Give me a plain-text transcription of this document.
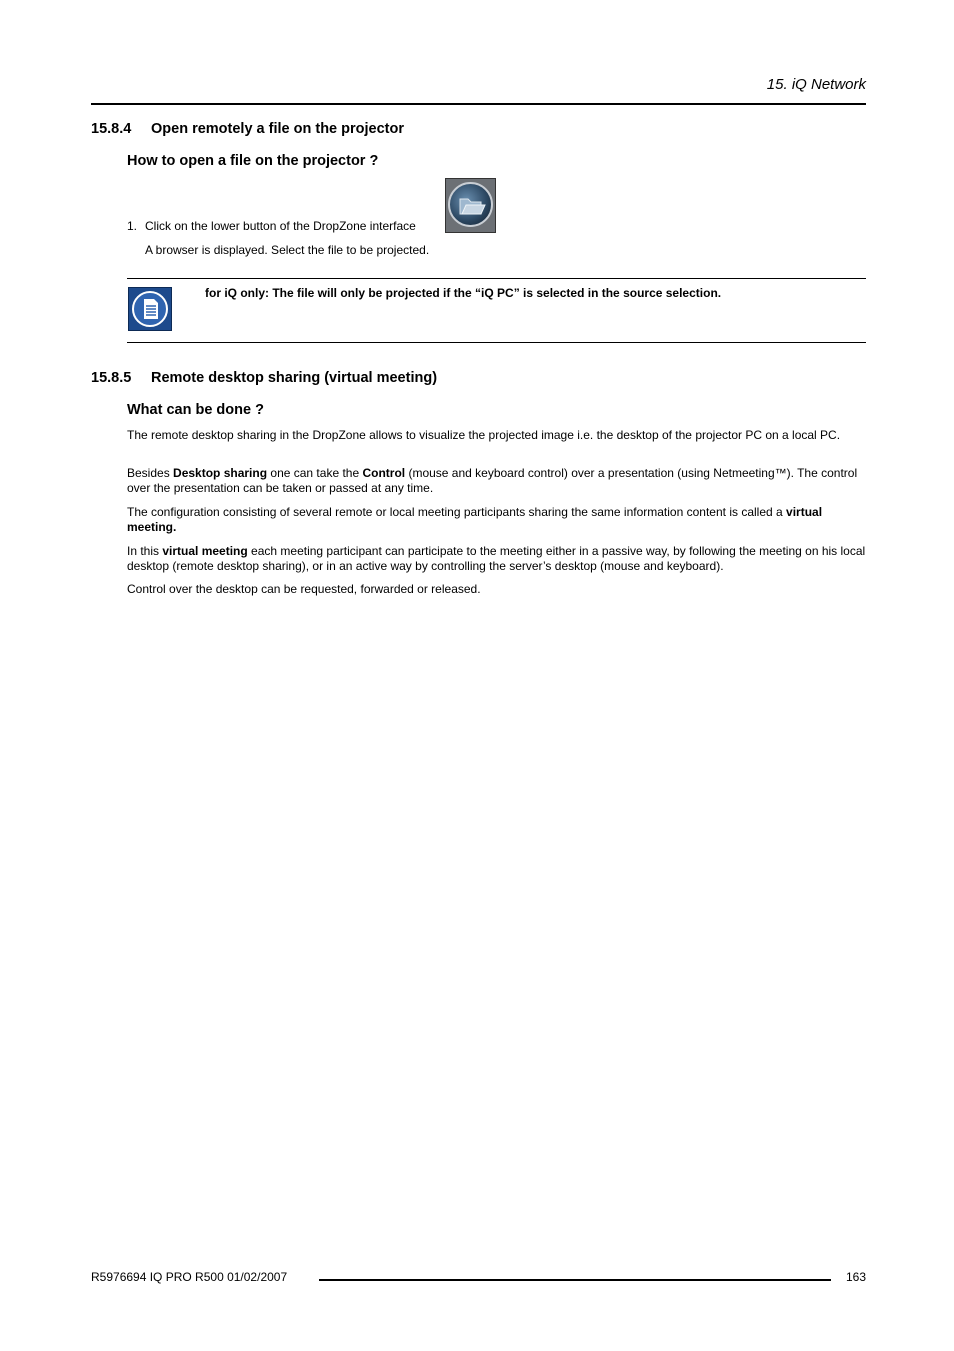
15. iQ Network
15.8.4 Open remotely a file on the projector
How to open a file on the projector ?
1. Click on the lower button of the DropZone interface
A browser is displayed. Select the file to be projected.
for iQ only: The file will only be projected if the “iQ PC” is selected in the source selection.
15.8.5 Remote desktop sharing (virtual meeting)
What can be done ?

The remote desktop sharing in the DropZone allows to visualize the projected image i.e. the desktop of the projector PC on a local PC.

Besides Desktop sharing one can take the Control (mouse and keyboard control) over a presentation (using Netmeeting™). The control over the presentation can be taken or passed at any time.

The configuration consisting of several remote or local meeting participants sharing the same information content is called a virtual meeting.

In this virtual meeting each meeting participant can participate to the meeting either in a passive way, by following the meeting on his local desktop (remote desktop sharing), or in an active way by controlling the server’s desktop (mouse and keyboard).

Control over the desktop can be requested, forwarded or released.

R5976694 IQ PRO R500 01/02/2007	163
